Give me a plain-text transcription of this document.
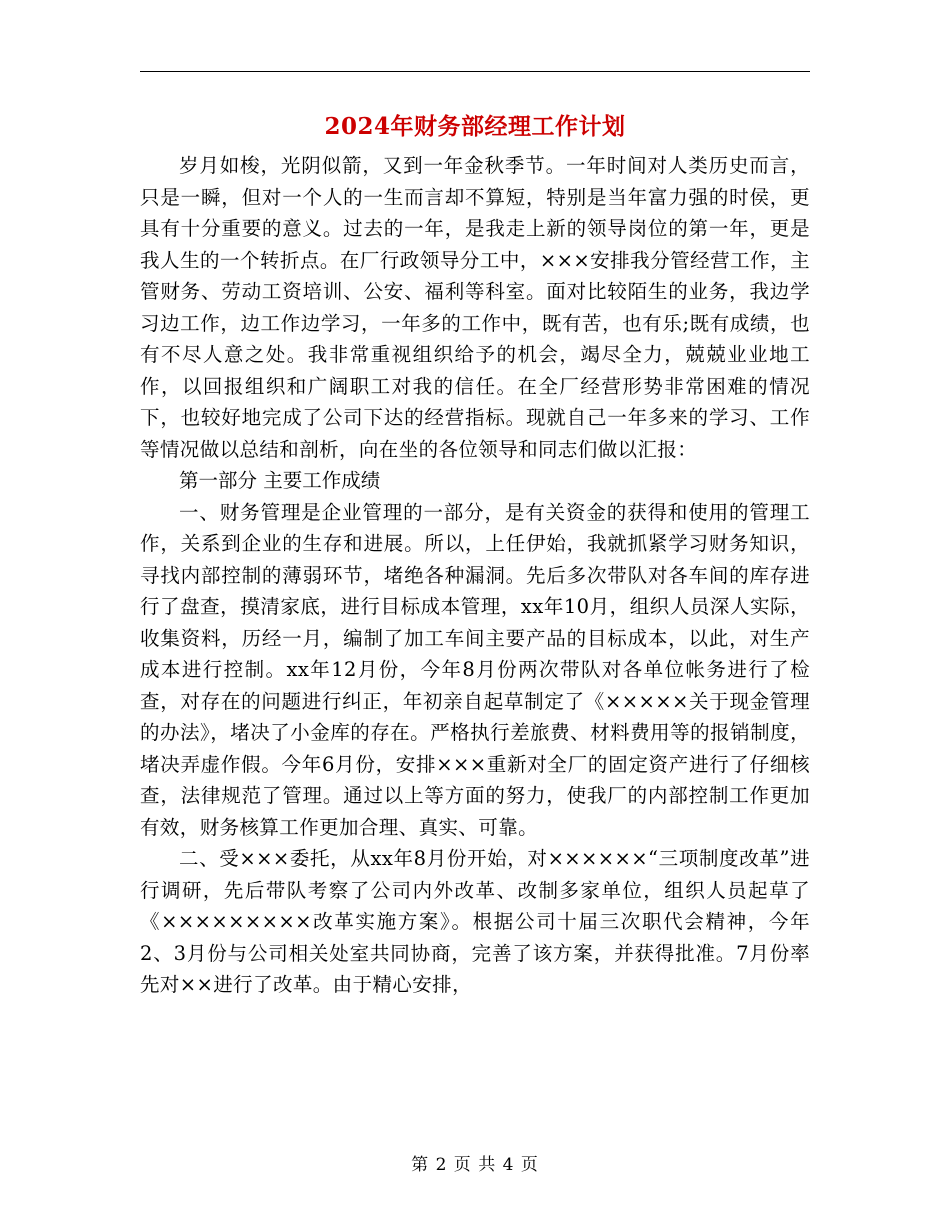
2024年财务部经理工作计划

岁月如梭，光阴似箭，又到一年金秋季节。一年时间对人类历史而言，只是一瞬，但对一个人的一生而言却不算短，特别是当年富力强的时侯，更具有十分重要的意义。过去的一年，是我走上新的领导岗位的第一年，更是我人生的一个转折点。在厂行政领导分工中，×××安排我分管经营工作，主管财务、劳动工资培训、公安、福利等科室。面对比较陌生的业务，我边学习边工作，边工作边学习，一年多的工作中，既有苦，也有乐;既有成绩，也有不尽人意之处。我非常重视组织给予的机会，竭尽全力，兢兢业业地工作，以回报组织和广阔职工对我的信任。在全厂经营形势非常困难的情况下，也较好地完成了公司下达的经营指标。现就自己一年多来的学习、工作等情况做以总结和剖析，向在坐的各位领导和同志们做以汇报：

第一部分 主要工作成绩

一、财务管理是企业管理的一部分，是有关资金的获得和使用的管理工作，关系到企业的生存和进展。所以，上任伊始，我就抓紧学习财务知识，寻找内部控制的薄弱环节，堵绝各种漏洞。先后多次带队对各车间的库存进行了盘查，摸清家底，进行目标成本管理，xx年10月，组织人员深人实际，收集资料，历经一月，编制了加工车间主要产品的目标成本，以此，对生产成本进行控制。xx年12月份，今年8月份两次带队对各单位帐务进行了检查，对存在的问题进行纠正，年初亲自起草制定了《×××××关于现金管理的办法》，堵决了小金库的存在。严格执行差旅费、材料费用等的报销制度，堵决弄虚作假。今年6月份，安排×××重新对全厂的固定资产进行了仔细核查，法律规范了管理。通过以上等方面的努力，使我厂的内部控制工作更加有效，财务核算工作更加合理、真实、可靠。

二、受×××委托，从xx年8月份开始，对××××××“三项制度改革”进行调研，先后带队考察了公司内外改革、改制多家单位，组织人员起草了《×××××××××改革实施方案》。根据公司十届三次职代会精神，今年2、3月份与公司相关处室共同协商，完善了该方案，并获得批准。7月份率先对××进行了改革。由于精心安排，

第 2 页 共 4 页
